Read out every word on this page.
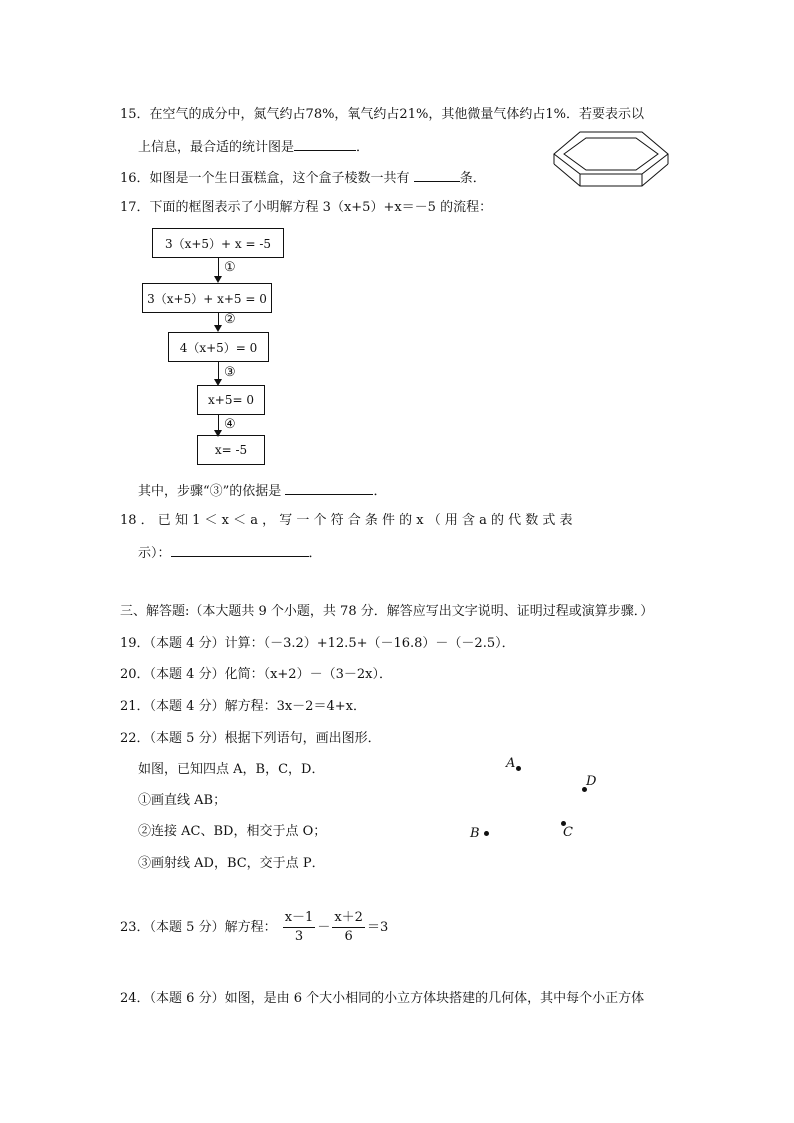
15．在空气的成分中，氮气约占78%，氧气约占21%，其他微量气体约占1%．若要表示以
上信息，最合适的统计图是	．
16．如图是一个生日蛋糕盒，这个盒子棱数一共有	条．
17．下面的框图表示了小明解方程 3（x+5）+x＝－5 的流程：
3（x+5）+ x = -5
①
3（x+5）+ x+5 = 0
②
4（x+5）= 0
③
x+5= 0
④
x= -5
其中，步骤“③”的依据是	．
18 ． 已 知 1 ＜ x ＜ a ， 写 一 个 符 合 条 件 的 x （ 用 含 a 的 代 数 式 表
示）：	．
三、解答题:（本大题共 9 个小题，共 78 分．解答应写出文字说明、证明过程或演算步骤．）
19．（本题 4 分）计算：（－3.2）+12.5+（－16.8）－（－2.5）．
20．（本题 4 分）化简：（x+2）－（3－2x）．
21．（本题 4 分）解方程：3x－2＝4+x．
22．（本题 5 分）根据下列语句，画出图形．
如图，已知四点 A，B，C，D．
①画直线 AB；
②连接 AC、BD，相交于点 O；
③画射线 AD，BC，交于点 P．
A
B	C
D
23．（本题 5 分）解方程： $\frac{x-1}{3} - \frac{x+2}{6} =3$
24．（本题 6 分）如图，是由 6 个大小相同的小立方体块搭建的几何体，其中每个小正方体
